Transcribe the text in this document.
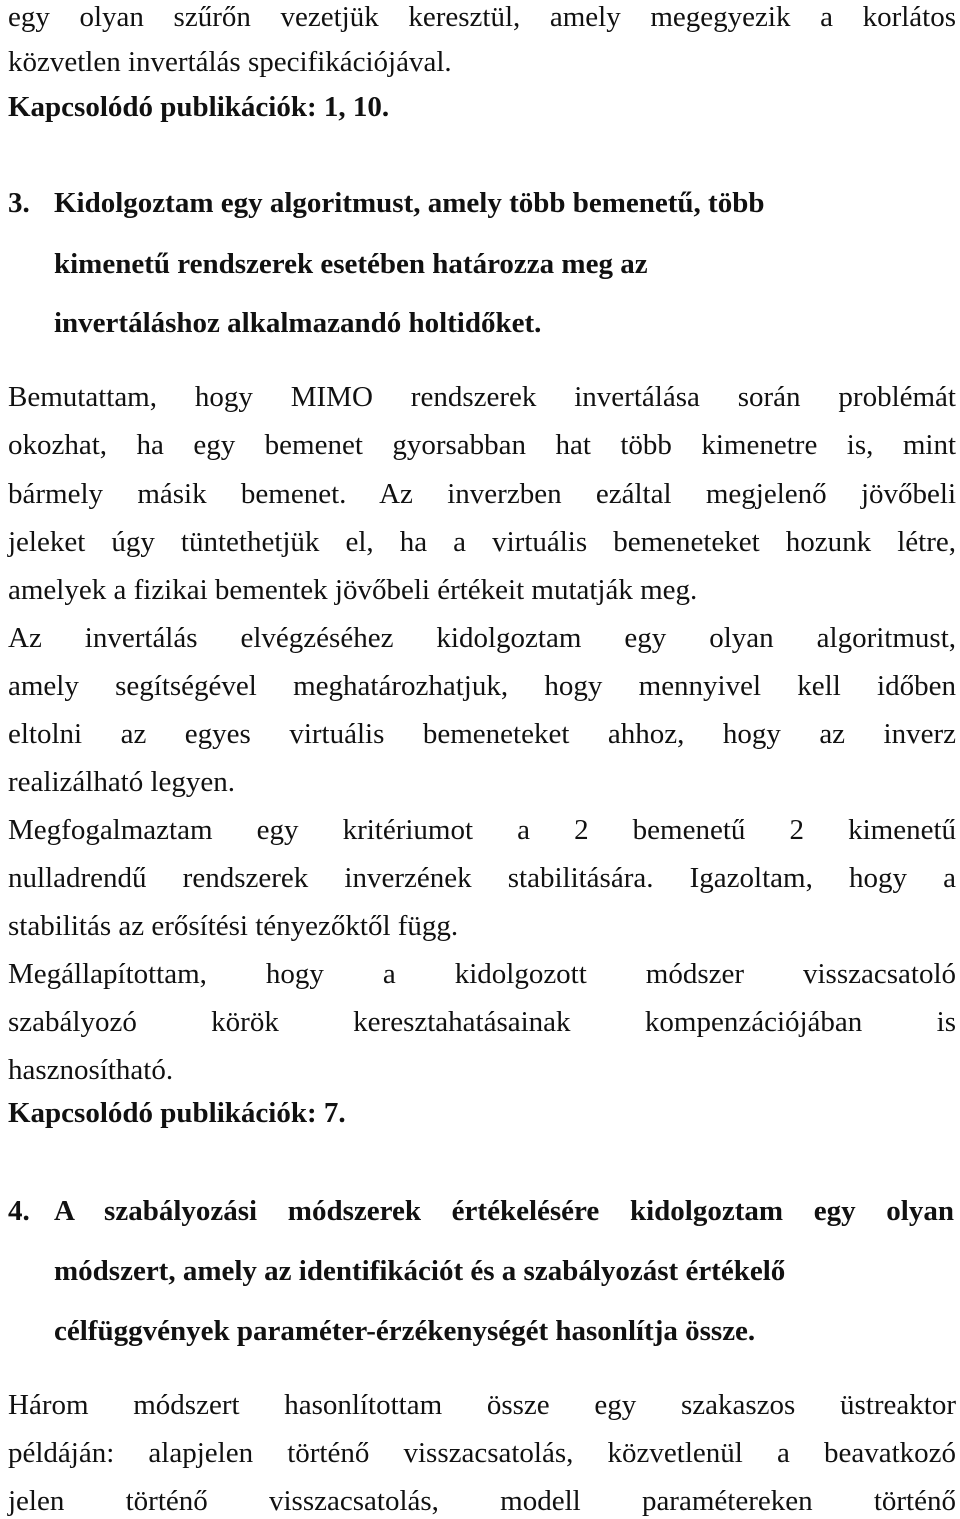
egy olyan szűrőn vezetjük keresztül, amely megegyezik a korlátos
közvetlen invertálás specifikációjával.
Kapcsolódó publikációk: 1, 10.
3. Kidolgoztam egy algoritmust, amely több bemenetű, több
kimenetű rendszerek esetében határozza meg az
invertáláshoz alkalmazandó holtidőket.
Bemutattam, hogy MIMO rendszerek invertálása során problémát
okozhat, ha egy bemenet gyorsabban hat több kimenetre is, mint
bármely másik bemenet. Az inverzben ezáltal megjelenő jövőbeli
jeleket úgy tüntethetjük el, ha a virtuális bemeneteket hozunk létre,
amelyek a fizikai bementek jövőbeli értékeit mutatják meg.
Az invertálás elvégzéséhez kidolgoztam egy olyan algoritmust,
amely segítségével meghatározhatjuk, hogy mennyivel kell időben
eltolni az egyes virtuális bemeneteket ahhoz, hogy az inverz
realizálható legyen.
Megfogalmaztam egy kritériumot a 2 bemenetű 2 kimenetű
nulladrendű rendszerek inverzének stabilitására. Igazoltam, hogy a
stabilitás az erősítési tényezőktől függ.
Megállapítottam, hogy a kidolgozott módszer visszacsatoló
szabályozó körök keresztahatásainak kompenzációjában is
hasznosítható.
Kapcsolódó publikációk: 7.
4. A szabályozási módszerek értékelésére kidolgoztam egy olyan
módszert, amely az identifikációt és a szabályozást értékelő
célfüggvények paraméter-érzékenységét hasonlítja össze.
Három módszert hasonlítottam össze egy szakaszos üstreaktor
példáján: alapjelen történő visszacsatolás, közvetlenül a beavatkozó
jelen történő visszacsatolás, modell paramétereken történő
